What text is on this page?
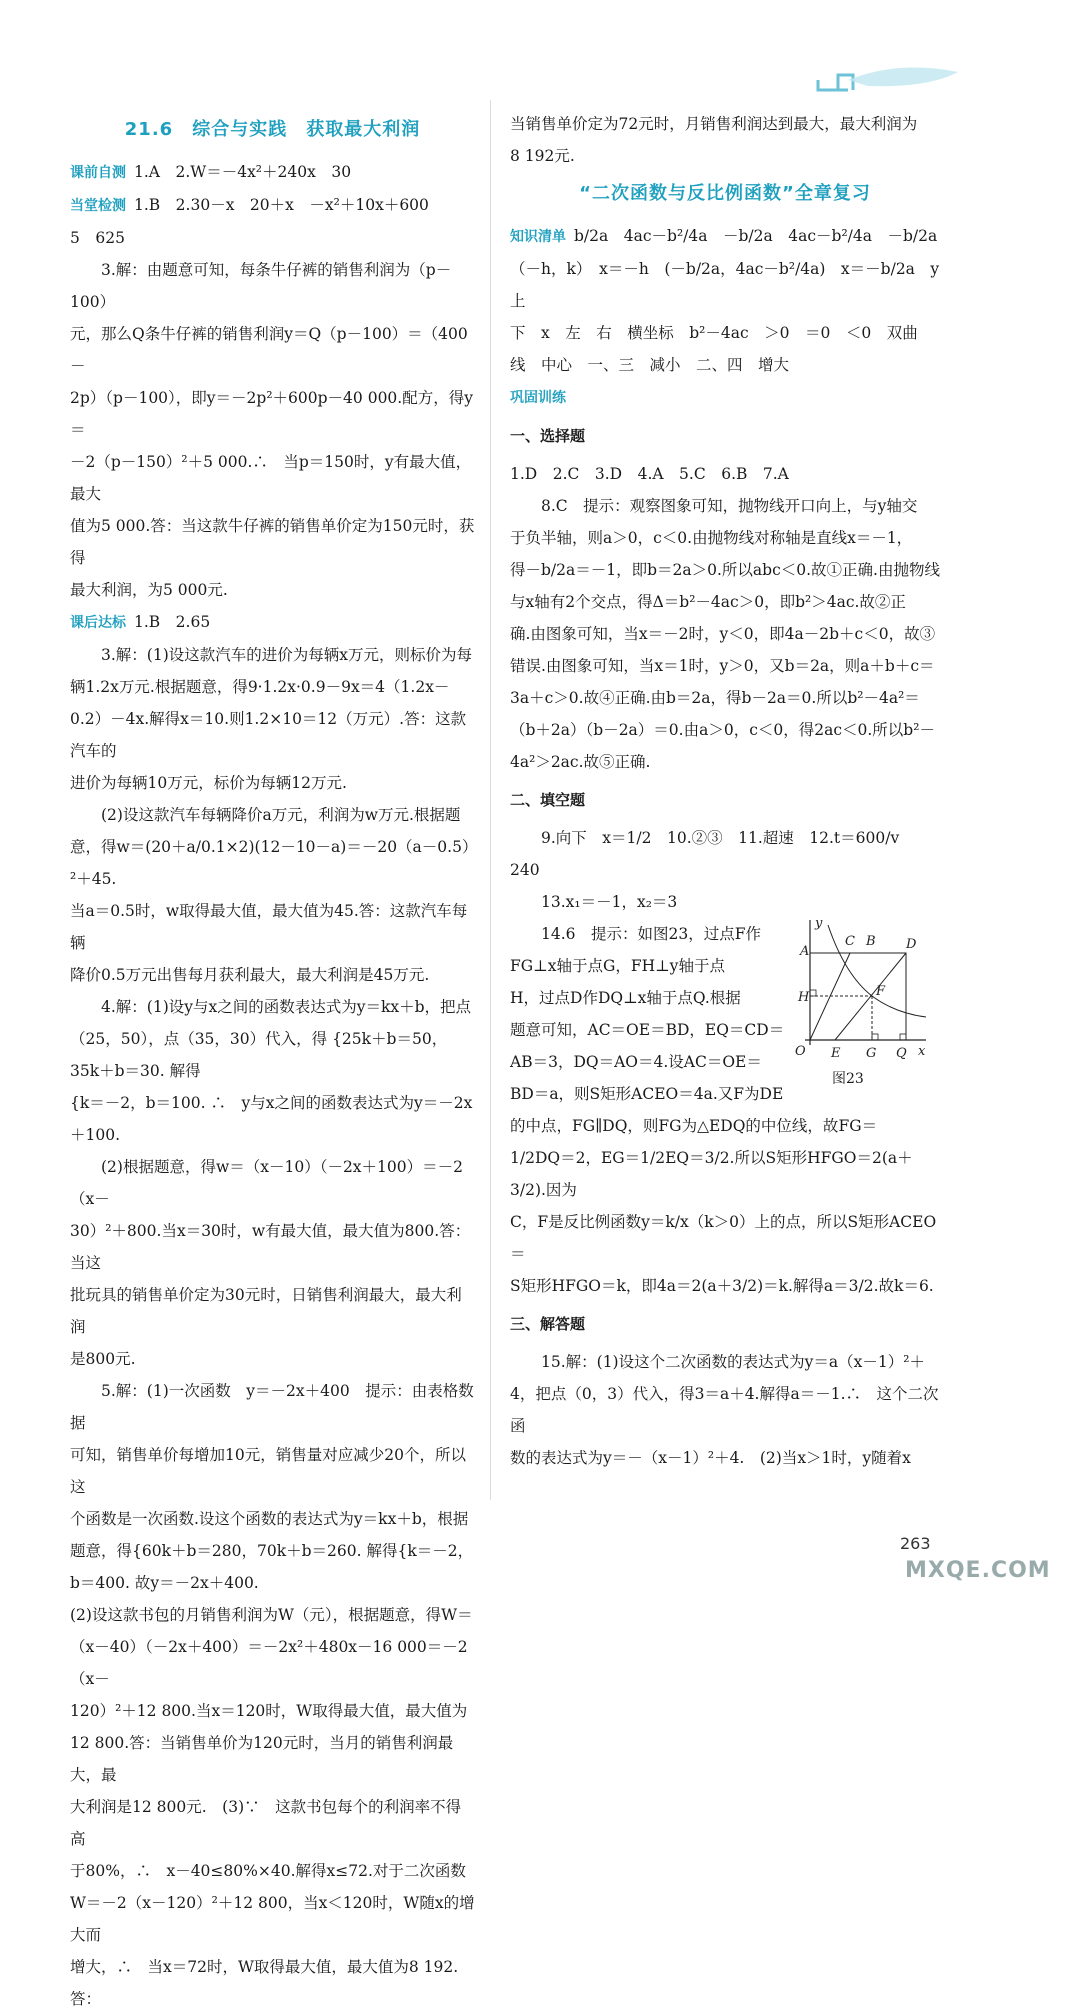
21.6　综合与实践　获取最大利润

课前自测 1.A　2.W＝－4x²＋240x　30

当堂检测 1.B　2.30－x　20＋x　－x²＋10x＋600

5　625

3.解：由题意可知，每条牛仔裤的销售利润为（p－100）

元，那么Q条牛仔裤的销售利润y＝Q（p－100）＝（400－

2p）（p－100），即y＝－2p²＋600p－40 000.配方，得y＝

－2（p－150）²＋5 000.∴　当p＝150时，y有最大值，最大

值为5 000.答：当这款牛仔裤的销售单价定为150元时，获得

最大利润，为5 000元.

课后达标 1.B　2.65

3.解：(1)设这款汽车的进价为每辆x万元，则标价为每

辆1.2x万元.根据题意，得9·1.2x·0.9－9x＝4（1.2x－

0.2）－4x.解得x＝10.则1.2×10＝12（万元）.答：这款汽车的

进价为每辆10万元，标价为每辆12万元.

(2)设这款汽车每辆降价a万元，利润为w万元.根据题

意，得w＝(20＋a/0.1×2)(12－10－a)＝－20（a－0.5）²＋45.

当a＝0.5时，w取得最大值，最大值为45.答：这款汽车每辆

降价0.5万元出售每月获利最大，最大利润是45万元.

4.解：(1)设y与x之间的函数表达式为y＝kx＋b，把点

（25，50），点（35，30）代入，得 {25k＋b＝50，35k＋b＝30. 解得

{k＝－2，b＝100. ∴　y与x之间的函数表达式为y＝－2x＋100.

(2)根据题意，得w＝（x－10）（－2x＋100）＝－2（x－

30）²＋800.当x＝30时，w有最大值，最大值为800.答：当这

批玩具的销售单价定为30元时，日销售利润最大，最大利润

是800元.

5.解：(1)一次函数　y＝－2x＋400　提示：由表格数据

可知，销售单价每增加10元，销售量对应减少20个，所以这

个函数是一次函数.设这个函数的表达式为y＝kx＋b，根据

题意，得{60k＋b＝280，70k＋b＝260. 解得{k＝－2，b＝400. 故y＝－2x＋400.

(2)设这款书包的月销售利润为W（元），根据题意，得W＝

（x－40）（－2x＋400）＝－2x²＋480x－16 000＝－2（x－

120）²＋12 800.当x＝120时，W取得最大值，最大值为

12 800.答：当销售单价为120元时，当月的销售利润最大，最

大利润是12 800元.　(3)∵　这款书包每个的利润率不得高

于80%，∴　x－40≤80%×40.解得x≤72.对于二次函数

W＝－2（x－120）²＋12 800，当x＜120时，W随x的增大而

增大，∴　当x＝72时，W取得最大值，最大值为8 192.答：

当销售单价定为72元时，月销售利润达到最大，最大利润为

8 192元.

“二次函数与反比例函数”全章复习

知识清单 b/2a　4ac－b²/4a　－b/2a　4ac－b²/4a　－b/2a

（－h，k）　x＝－h　(－b/2a，4ac－b²/4a)　x＝－b/2a　y　上

下　x　左　右　横坐标　b²－4ac　＞0　＝0　＜0　双曲

线　中心　一、三　减小　二、四　增大

巩固训练

一、选择题

1.D　2.C　3.D　4.A　5.C　6.B　7.A

8.C　提示：观察图象可知，抛物线开口向上，与y轴交

于负半轴，则a＞0，c＜0.由抛物线对称轴是直线x＝－1，

得－b/2a＝－1，即b＝2a＞0.所以abc＜0.故①正确.由抛物线

与x轴有2个交点，得Δ＝b²－4ac＞0，即b²＞4ac.故②正

确.由图象可知，当x＝－2时，y＜0，即4a－2b＋c＜0，故③

错误.由图象可知，当x＝1时，y＞0，又b＝2a，则a＋b＋c＝

3a＋c＞0.故④正确.由b＝2a，得b－2a＝0.所以b²－4a²＝

（b＋2a）（b－2a）＝0.由a＞0，c＜0，得2ac＜0.所以b²－

4a²＞2ac.故⑤正确.

二、填空题

9.向下　x＝1/2　10.②③　11.超速　12.t＝600/v　240

13.x₁＝－1，x₂＝3

14.6　提示：如图23，过点F作

FG⊥x轴于点G，FH⊥y轴于点

H，过点D作DQ⊥x轴于点Q.根据

题意可知，AC＝OE＝BD，EQ＝CD＝

AB＝3，DQ＝AO＝4.设AC＝OE＝

BD＝a，则S矩形ACEO＝4a.又F为DE

的中点，FG∥DQ，则FG为△EDQ的中位线，故FG＝

1/2DQ＝2，EG＝1/2EQ＝3/2.所以S矩形HFGO＝2(a＋3/2).因为

C，F是反比例函数y＝k/x（k＞0）上的点，所以S矩形ACEO＝

S矩形HFGO＝k，即4a＝2(a＋3/2)＝k.解得a＝3/2.故k＝6.

三、解答题

15.解：(1)设这个二次函数的表达式为y＝a（x－1）²＋

4，把点（0，3）代入，得3＝a＋4.解得a＝－1.∴　这个二次函

数的表达式为y＝－（x－1）²＋4.　(2)当x＞1时，y随着x

y
A
C B D
H	F
O E G Q x
图23
263
MXQE.COM
